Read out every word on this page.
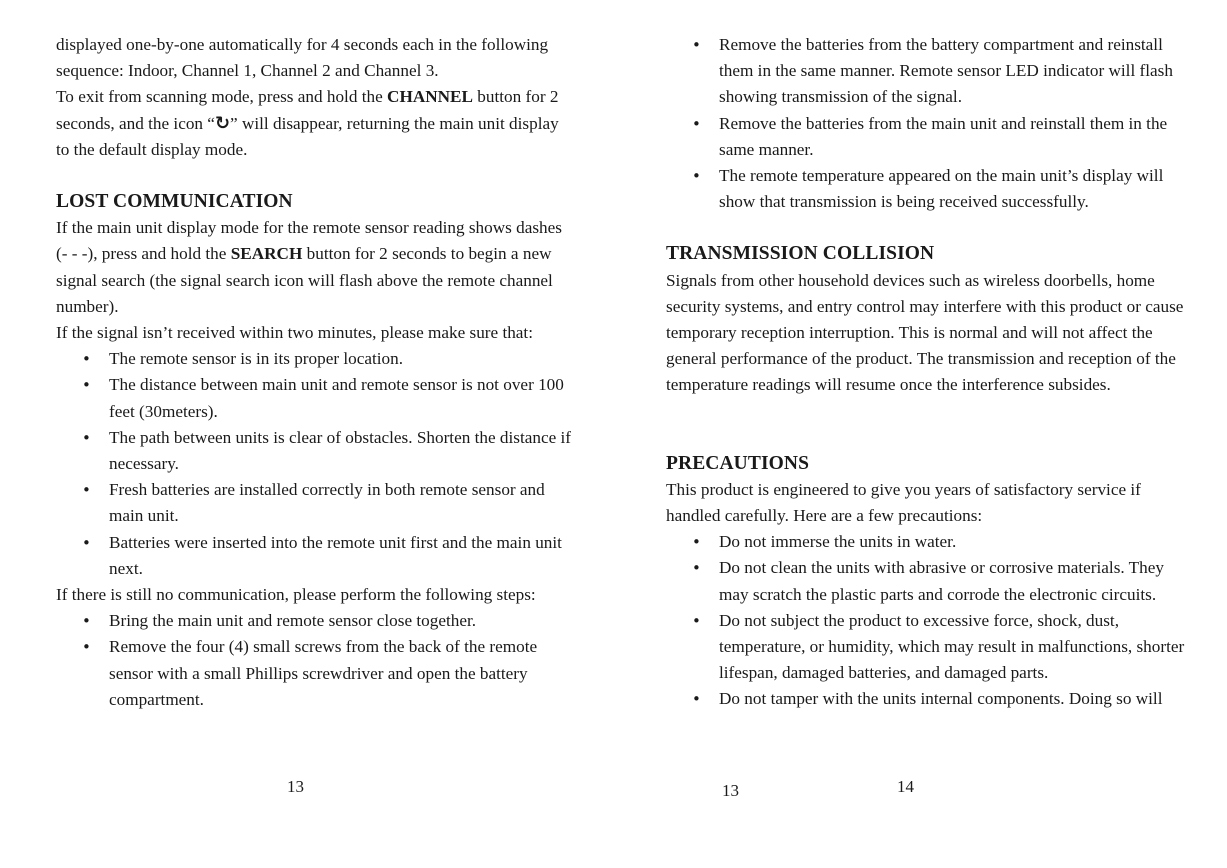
displayed one-by-one automatically for 4 seconds each in the following sequence: Indoor, Channel 1, Channel 2 and Channel 3.

To exit from scanning mode, press and hold the CHANNEL button for 2 seconds, and the icon “↻” will disappear, returning the main unit display to the default display mode.

LOST COMMUNICATION

If the main unit display mode for the remote sensor reading shows dashes (- - -), press and hold the SEARCH button for 2 seconds to begin a new signal search (the signal search icon will flash above the remote channel number).

If the signal isn’t received within two minutes, please make sure that:

• The remote sensor is in its proper location.
• The distance between main unit and remote sensor is not over 100 feet (30meters).
• The path between units is clear of obstacles. Shorten the distance if necessary.
• Fresh batteries are installed correctly in both remote sensor and main unit.
• Batteries were inserted into the remote unit first and the main unit next.

If there is still no communication, please perform the following steps:

• Bring the main unit and remote sensor close together.
• Remove the four (4) small screws from the back of the remote sensor with a small Phillips screwdriver and open the battery compartment.
13
• Remove the batteries from the battery compartment and reinstall them in the same manner. Remote sensor LED indicator will flash showing transmission of the signal.
• Remove the batteries from the main unit and reinstall them in the same manner.
• The remote temperature appeared on the main unit’s display will show that transmission is being received successfully.
TRANSMISSION COLLISION

Signals from other household devices such as wireless doorbells, home security systems, and entry control may interfere with this product or cause temporary reception interruption. This is normal and will not affect the general performance of the product. The transmission and reception of the temperature readings will resume once the interference subsides.

PRECAUTIONS

This product is engineered to give you years of satisfactory service if handled carefully. Here are a few precautions:

• Do not immerse the units in water.
• Do not clean the units with abrasive or corrosive materials. They may scratch the plastic parts and corrode the electronic circuits.
• Do not subject the product to excessive force, shock, dust, temperature, or humidity, which may result in malfunctions, shorter lifespan, damaged batteries, and damaged parts.
• Do not tamper with the units internal components. Doing so will
13	14
